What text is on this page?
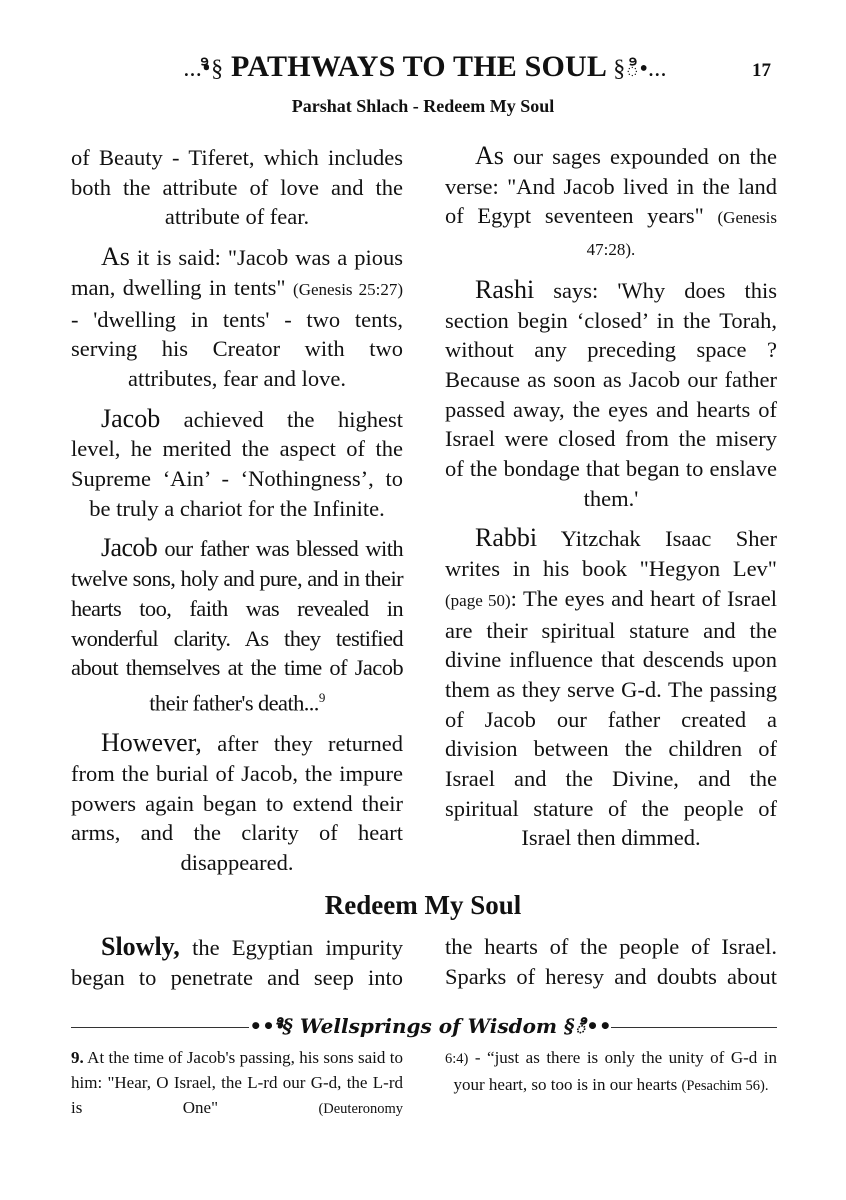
...•ి§ PATHWAYS TO THE SOUL §ి•...	17
Parshat Shlach - Redeem My Soul

of Beauty - Tiferet, which includes both the attribute of love and the attribute of fear.

As it is said: "Jacob was a pious man, dwelling in tents" (Genesis 25:27) - 'dwelling in tents' - two tents, serving his Creator with two attributes, fear and love.

Jacob achieved the highest level, he merited the aspect of the Supreme ‘Ain’ - ‘Nothingness’, to be truly a chariot for the Infinite.

Jacob our father was blessed with twelve sons, holy and pure, and in their hearts too, faith was revealed in wonderful clarity. As they testified about themselves at the time of Jacob their father's death...$^9$

However, after they returned from the burial of Jacob, the impure powers again began to extend their arms, and the clarity of heart disappeared.

As our sages expounded on the verse: "And Jacob lived in the land of Egypt seventeen years" (Genesis 47:28).

Rashi says: 'Why does this section begin ‘closed’ in the Torah, without any preceding space ? Because as soon as Jacob our father passed away, the eyes and hearts of Israel were closed from the misery of the bondage that began to enslave them.'

Rabbi Yitzchak Isaac Sher writes in his book "Hegyon Lev" (page 50): The eyes and heart of Israel are their spiritual stature and the divine influence that descends upon them as they serve G-d. The passing of Jacob our father created a division between the children of Israel and the Divine, and the spiritual stature of the people of Israel then dimmed.

Redeem My Soul

Slowly, the Egyptian impurity began to penetrate and seep into

the hearts of the people of Israel. Sparks of heresy and doubts about

•••ి§ Wellsprings of Wisdom §ి••

9. At the time of Jacob's passing, his sons said to him: "Hear, O Israel, the L-rd our G-d, the L-rd is One" (Deuteronomy

6:4) - “just as there is only the unity of G-d in your heart, so too is in our hearts (Pesachim 56).
